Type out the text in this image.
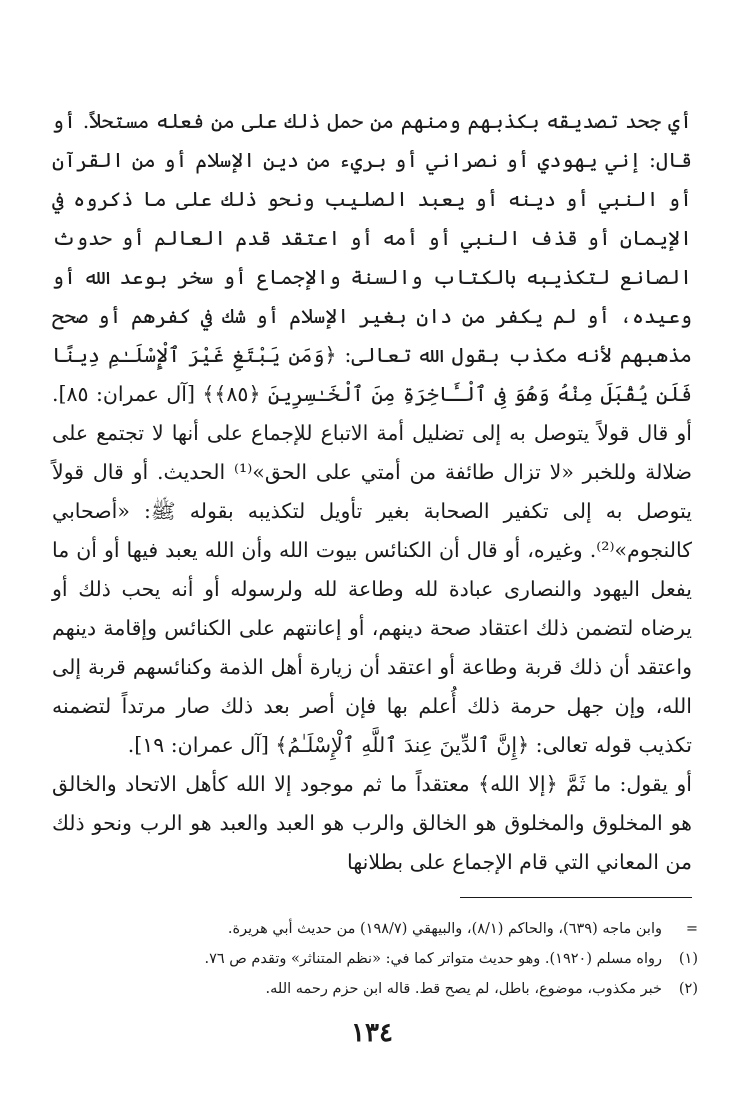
أي جحد تصديقه بكذبهم ومنهم من حمل ذلك على من فعله مستحلاً. أو قال: إني يهودي أو نصراني أو بريء من دين الإسلام أو من القرآن أو النبي أو دينه أو يعبد الصليب ونحو ذلك على ما ذكروه في الإيمان أو قذف النبي أو أمه أو اعتقد قدم العالم أو حدوث الصانع لتكذيبه بالكتاب والسنة والإجماع أو سخر بوعد الله أو وعيده، أو لم يكفر من دان بغير الإسلام أو شك في كفرهم أو صحح مذهبهم لأنه مكذب بقول الله تعالى: ﴿وَمَن يَبْتَغِ غَيْرَ ٱلْإِسْلَـٰمِ دِينًا فَلَن يُقْبَلَ مِنْهُ وَهُوَ فِى ٱلْـَٔاخِرَةِ مِنَ ٱلْخَـٰسِرِينَ ﴿٨٥﴾﴾ [آل عمران: ٨٥]. أو قال قولاً يتوصل به إلى تضليل أمة الاتباع للإجماع على أنها لا تجتمع على ضلالة وللخبر «لا تزال طائفة من أمتي على الحق»⁽¹⁾ الحديث. أو قال قولاً يتوصل به إلى تكفير الصحابة بغير تأويل لتكذيبه بقوله ﷺ: «أصحابي كالنجوم»⁽²⁾. وغيره، أو قال أن الكنائس بيوت الله وأن الله يعبد فيها أو أن ما يفعل اليهود والنصارى عبادة لله وطاعة لله ولرسوله أو أنه يحب ذلك أو يرضاه لتضمن ذلك اعتقاد صحة دينهم، أو إعانتهم على الكنائس وإقامة دينهم واعتقد أن ذلك قربة وطاعة أو اعتقد أن زيارة أهل الذمة وكنائسهم قربة إلى الله، وإن جهل حرمة ذلك أُعلم بها فإن أصر بعد ذلك صار مرتداً لتضمنه تكذيب قوله تعالى: ﴿إِنَّ ٱلدِّينَ عِندَ ٱللَّهِ ٱلْإِسْلَـٰمُ﴾ [آل عمران: ١٩].

أو يقول: ما ثَمَّ ﴿إلا الله﴾ معتقداً ما ثم موجود إلا الله كأهل الاتحاد والخالق هو المخلوق والمخلوق هو الخالق والرب هو العبد والعبد هو الرب ونحو ذلك من المعاني التي قام الإجماع على بطلانها

=
وابن ماجه (٦٣٩)، والحاكم (٨/١)، والبيهقي (١٩٨/٧) من حديث أبي هريرة.
(١)
رواه مسلم (١٩٢٠). وهو حديث متواتر كما في: «نظم المتناثر» وتقدم ص ٧٦.
(٢)
خبر مكذوب، موضوع، باطل، لم يصح قط. قاله ابن حزم رحمه الله.
١٣٤
